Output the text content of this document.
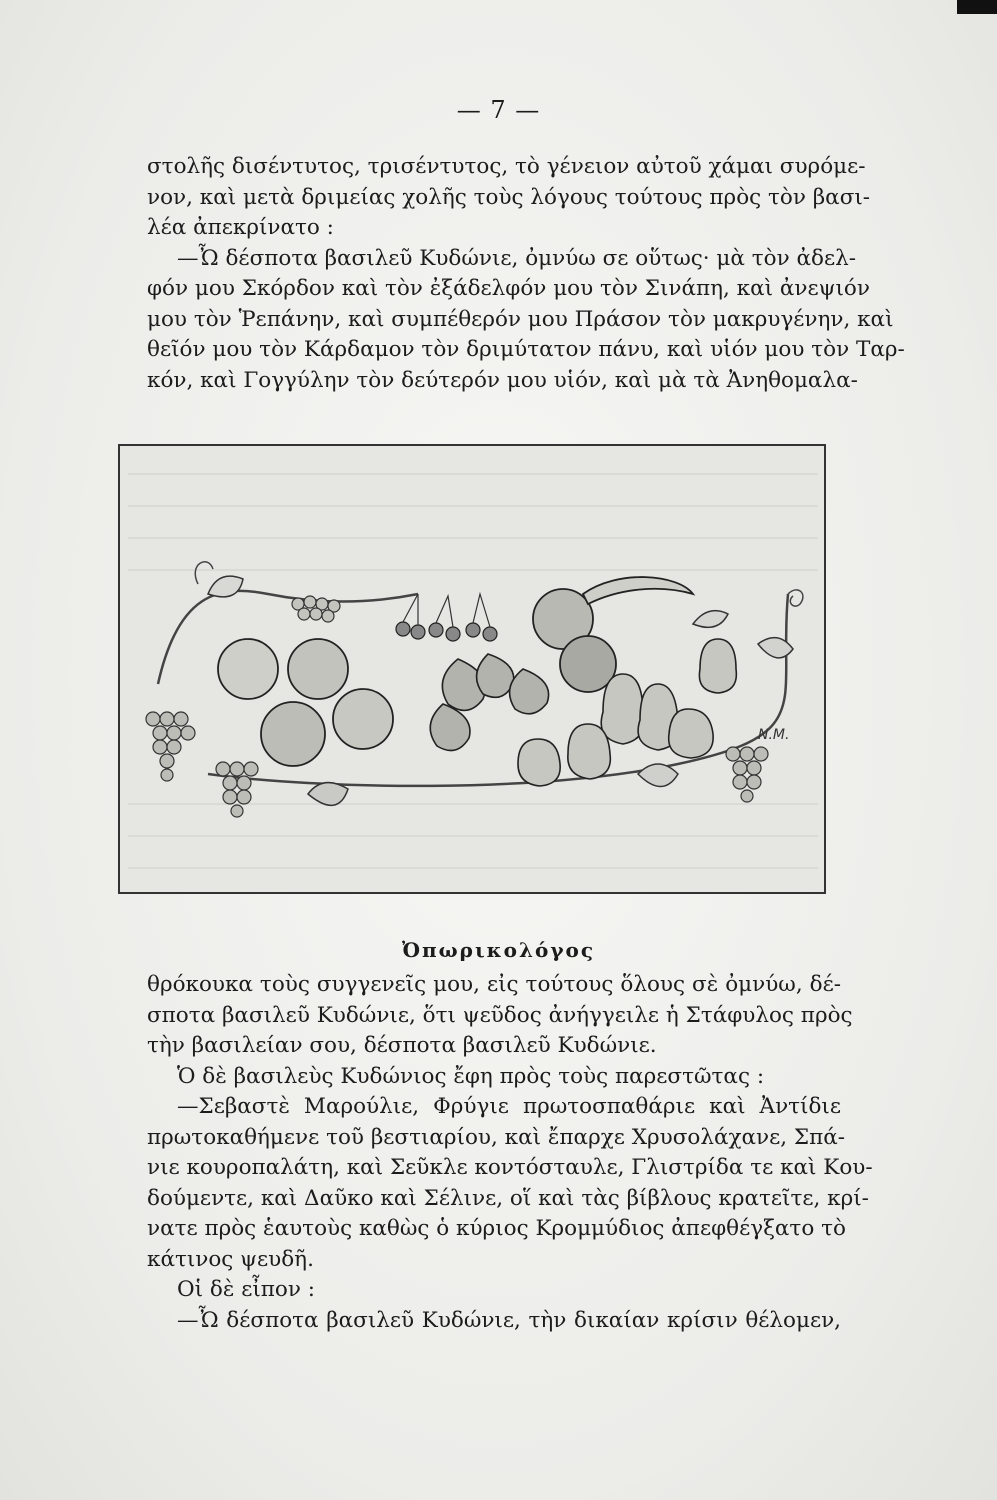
— 7 —
στολῆς δισέντυτος, τρισέντυτος, τὸ γένειον αὐτοῦ χάμαι συρόμε-
νον, καὶ μετὰ δριμείας χολῆς τοὺς λόγους τούτους πρὸς τὸν βασι-
λέα ἀπεκρίνατο :
—Ὦ δέσποτα βασιλεῦ Κυδώνιε, ὀμνύω σε οὕτως· μὰ τὸν ἀδελ-
φόν μου Σκόρδον καὶ τὸν ἐξάδελφόν μου τὸν Σινάπη, καὶ ἀνεψιόν
μου τὸν Ῥεπάνην, καὶ συμπέθερόν μου Πράσον τὸν μακρυγένην, καὶ
θεῖόν μου τὸν Κάρδαμον τὸν δριμύτατον πάνυ, καὶ υἱόν μου τὸν Ταρ-
κόν, καὶ Γογγύλην τὸν δεύτερόν μου υἱόν, καὶ μὰ τὰ Ἀνηθομαλα-
N.M.
Ὀπωρικολόγος
θρόκουκα τοὺς συγγενεῖς μου, εἰς τούτους ὅλους σὲ ὀμνύω, δέ-
σποτα βασιλεῦ Κυδώνιε, ὅτι ψεῦδος ἀνήγγειλε ἡ Στάφυλος πρὸς
τὴν βασιλείαν σου, δέσποτα βασιλεῦ Κυδώνιε.
Ὁ δὲ βασιλεὺς Κυδώνιος ἔφη πρὸς τοὺς παρεστῶτας :
—Σεβαστὲ Μαρούλιε, Φρύγιε πρωτοσπαθάριε καὶ Ἀντίδιε
πρωτοκαθήμενε τοῦ βεστιαρίου, καὶ ἔπαρχε Χρυσολάχανε, Σπά-
νιε κουροπαλάτη, καὶ Σεῦκλε κοντόσταυλε, Γλιστρίδα τε καὶ Κου-
δούμεντε, καὶ Δαῦκο καὶ Σέλινε, οἵ καὶ τὰς βίβλους κρατεῖτε, κρί-
νατε πρὸς ἑαυτοὺς καθὼς ὁ κύριος Κρομμύδιος ἀπεφθέγξατο τὸ
κάτινος ψευδῆ.
Οἱ δὲ εἶπον :
—Ὦ δέσποτα βασιλεῦ Κυδώνιε, τὴν δικαίαν κρίσιν θέλομεν,
